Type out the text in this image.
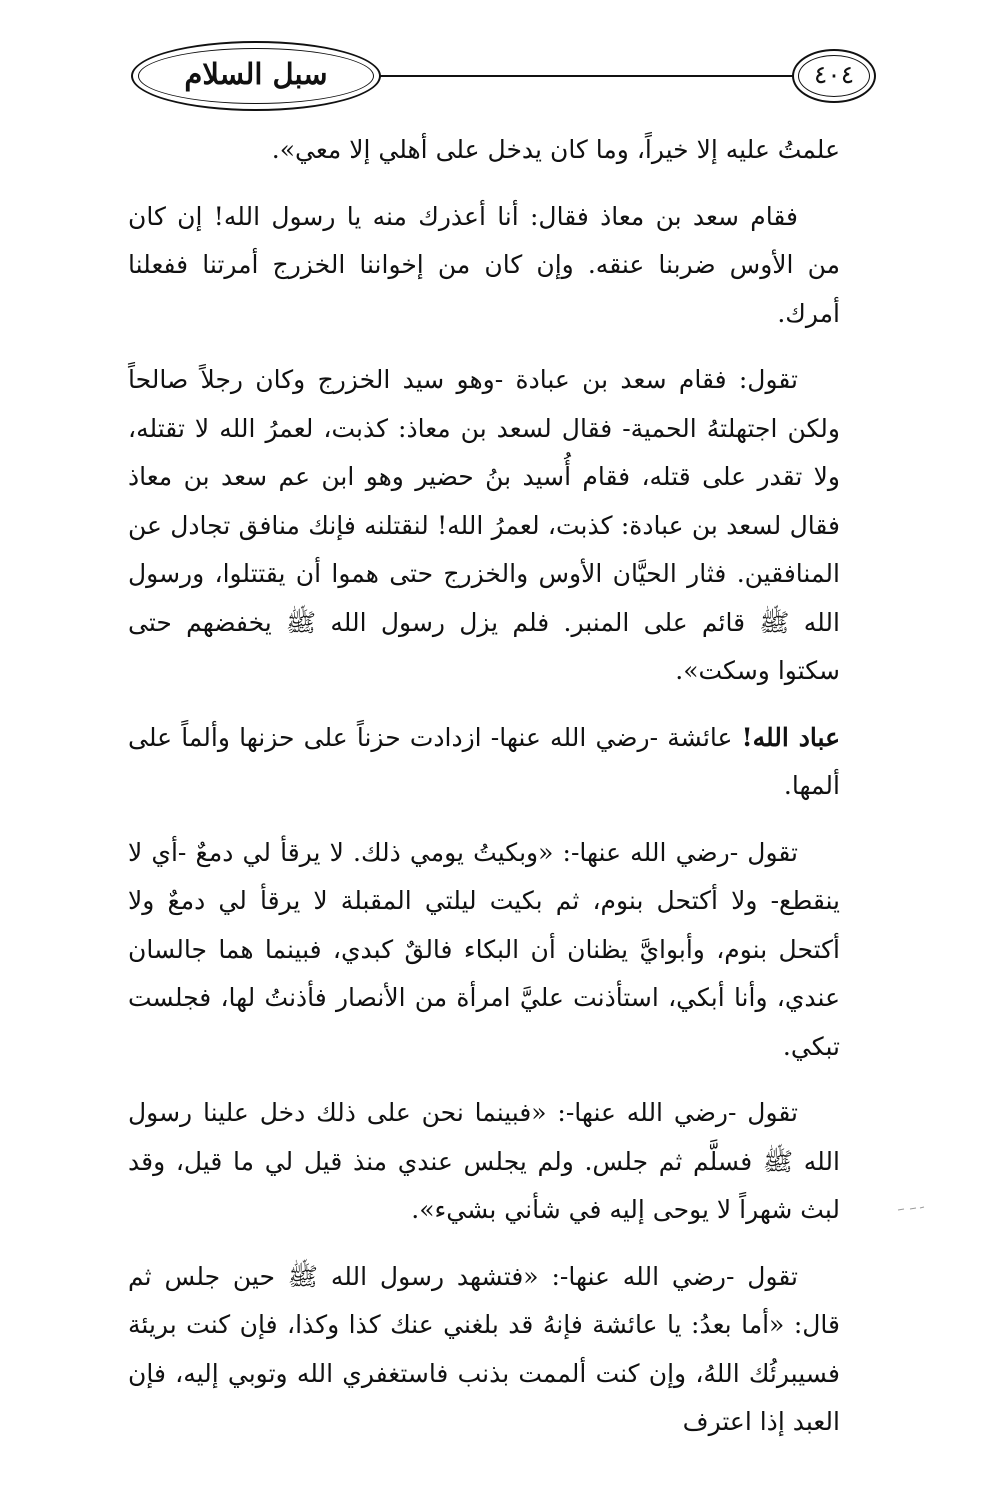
سبل السلام	٤٠٤

علمتُ عليه إلا خيراً، وما كان يدخل على أهلي إلا معي».

فقام سعد بن معاذ فقال: أنا أعذرك منه يا رسول الله! إن كان من الأوس ضربنا عنقه. وإن كان من إخواننا الخزرج أمرتنا ففعلنا أمرك.

تقول: فقام سعد بن عبادة -وهو سيد الخزرج وكان رجلاً صالحاً ولكن اجتهلتهُ الحمية- فقال لسعد بن معاذ: كذبت، لعمرُ الله لا تقتله، ولا تقدر على قتله، فقام أُسيد بنُ حضير وهو ابن عم سعد بن معاذ فقال لسعد بن عبادة: كذبت، لعمرُ الله! لنقتلنه فإنك منافق تجادل عن المنافقين. فثار الحيَّان الأوس والخزرج حتى هموا أن يقتتلوا، ورسول الله ﷺ قائم على المنبر. فلم يزل رسول الله ﷺ يخفضهم حتى سكتوا وسكت».

عباد الله! عائشة -رضي الله عنها- ازدادت حزناً على حزنها وألماً على ألمها.

تقول -رضي الله عنها-: «وبكيتُ يومي ذلك. لا يرقأ لي دمعٌ -أي لا ينقطع- ولا أكتحل بنوم، ثم بكيت ليلتي المقبلة لا يرقأ لي دمعٌ ولا أكتحل بنوم، وأبوايَّ يظنان أن البكاء فالقٌ كبدي، فبينما هما جالسان عندي، وأنا أبكي، استأذنت عليَّ امرأة من الأنصار فأذنتُ لها، فجلست تبكي.

تقول -رضي الله عنها-: «فبينما نحن على ذلك دخل علينا رسول الله ﷺ فسلَّم ثم جلس. ولم يجلس عندي منذ قيل لي ما قيل، وقد لبث شهراً لا يوحى إليه في شأني بشيء».

تقول -رضي الله عنها-: «فتشهد رسول الله ﷺ حين جلس ثم قال: «أما بعدُ: يا عائشة فإنهُ قد بلغني عنك كذا وكذا، فإن كنت بريئة فسيبرئُك اللهُ، وإن كنت ألممت بذنب فاستغفري الله وتوبي إليه، فإن العبد إذا اعترف
